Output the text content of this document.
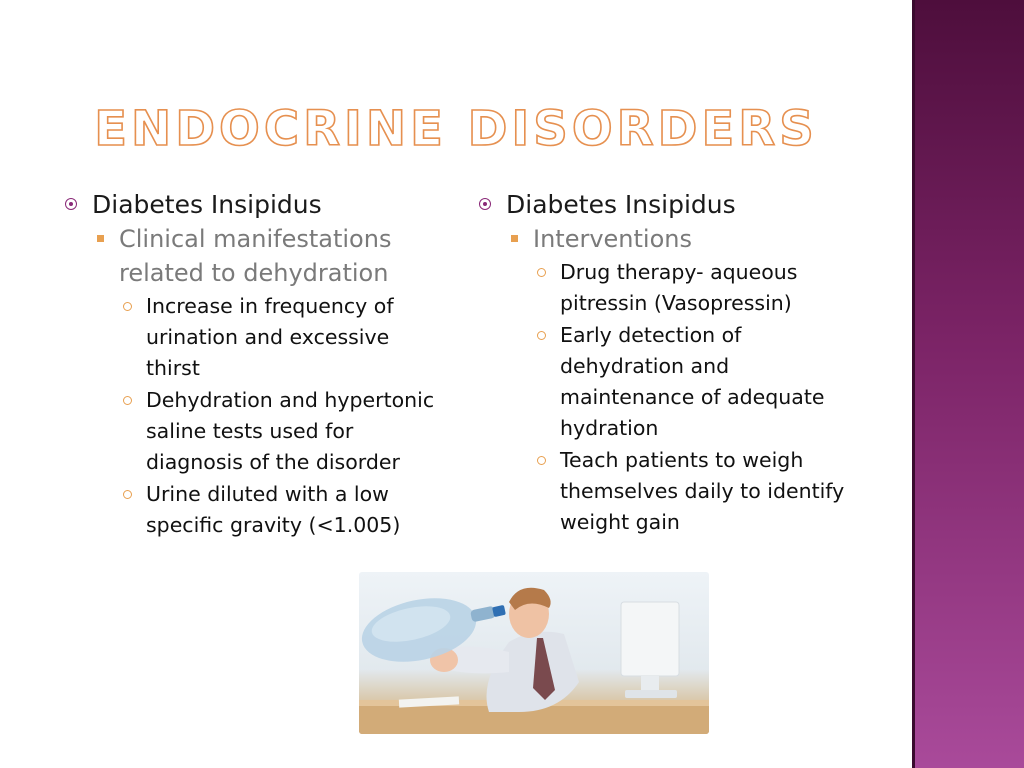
ENDOCRINE DISORDERS
Diabetes Insipidus
Clinical manifestations related to dehydration
Increase in frequency of urination and excessive thirst
Dehydration and hypertonic saline tests used for diagnosis of the disorder
Urine diluted with a low specific gravity (<1.005)
Diabetes Insipidus
Interventions
Drug therapy- aqueous pitressin (Vasopressin)
Early detection of dehydration and maintenance of adequate hydration
Teach patients to weigh themselves daily to identify weight gain
